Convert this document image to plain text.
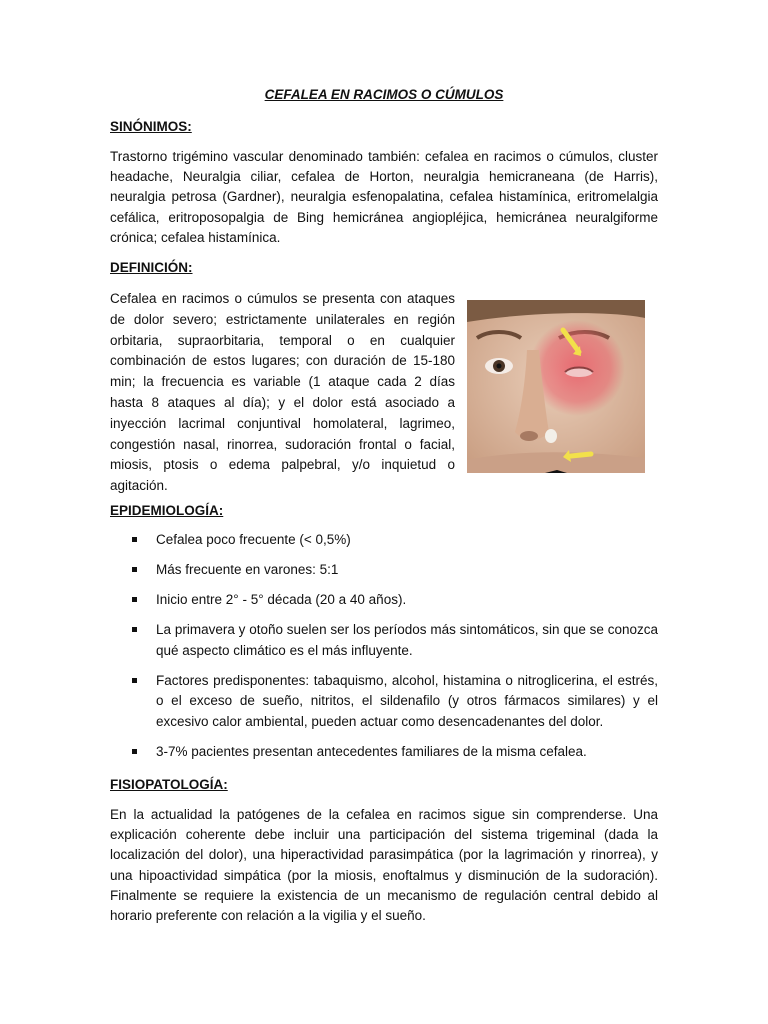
CEFALEA EN RACIMOS O CÚMULOS
SINÓNIMOS:
Trastorno trigémino vascular denominado también: cefalea en racimos o cúmulos, cluster headache, Neuralgia ciliar, cefalea de Horton, neuralgia hemicraneana (de Harris), neuralgia petrosa (Gardner), neuralgia esfenopalatina, cefalea histamínica, eritromelalgia cefálica, eritroposopalgia de Bing hemicránea angiopléjica, hemicránea neuralgiforme crónica; cefalea histamínica.
DEFINICIÓN:
Cefalea en racimos o cúmulos se presenta con ataques de dolor severo; estrictamente unilaterales en región orbitaria, supraorbitaria, temporal o en cualquier combinación de estos lugares; con duración de 15-180 min; la frecuencia es variable (1 ataque cada 2 días hasta 8 ataques al día); y el dolor está asociado a inyección lacrimal conjuntival homolateral, lagrimeo, congestión nasal, rinorrea, sudoración frontal o facial, miosis, ptosis o edema palpebral, y/o inquietud o agitación.
EPIDEMIOLOGÍA:
Cefalea poco frecuente (< 0,5%)
Más frecuente en varones: 5:1
Inicio entre 2° - 5° década (20 a 40 años).
La primavera y otoño suelen ser los períodos más sintomáticos, sin que se conozca qué aspecto climático es el más influyente.
Factores predisponentes: tabaquismo, alcohol, histamina o nitroglicerina, el estrés, o el exceso de sueño, nitritos, el sildenafilo (y otros fármacos similares) y el excesivo calor ambiental, pueden actuar como desencadenantes del dolor.
3-7% pacientes presentan antecedentes familiares de la misma cefalea.
FISIOPATOLOGÍA:
En la actualidad la patógenes de la cefalea en racimos sigue sin comprenderse. Una explicación coherente debe incluir una participación del sistema trigeminal (dada la localización del dolor), una hiperactividad parasimpática (por la lagrimación y rinorrea), y una hipoactividad simpática (por la miosis, enoftalmus y disminución de la sudoración). Finalmente se requiere la existencia de un mecanismo de regulación central debido al horario preferente con relación a la vigilia y el sueño.
